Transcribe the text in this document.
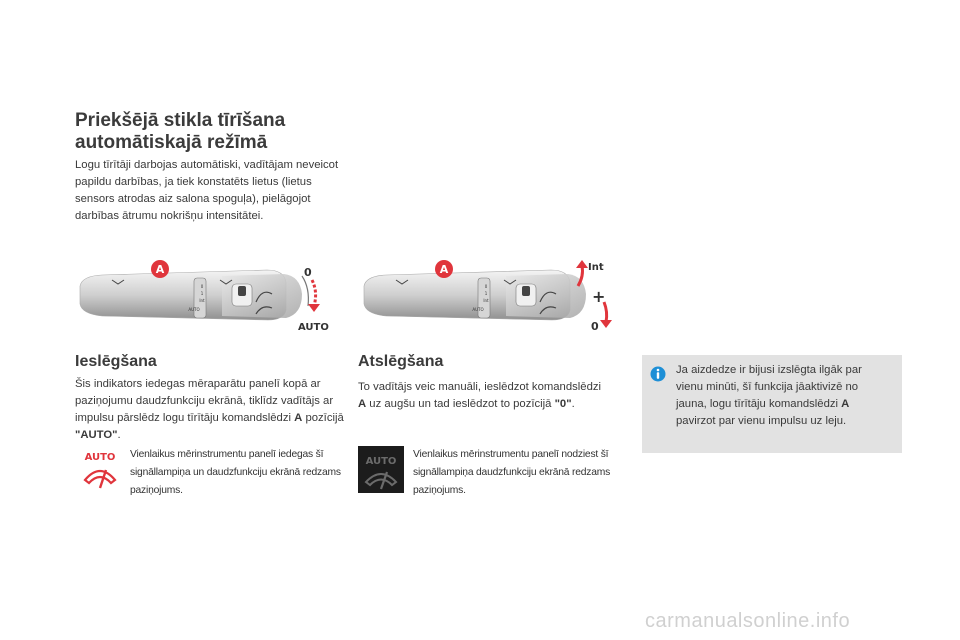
Priekšējā stikla tīrīšana
automātiskajā režīmā
Logu tīrītāji darbojas automātiski, vadītājam neveicot papildu darbības, ja tiek konstatēts lietus (lietus sensors atrodas aiz salona spoguļa), pielāgojot darbības ātrumu nokrišņu intensitātei.
0
1
Int
AUTO
A	0
AUTO
0
1
Int
AUTO
A	Int
+
0
Ieslēgšana
Šis indikators iedegas mēraparātu panelī kopā ar paziņojumu daudzfunkciju ekrānā, tiklīdz vadītājs ar impulsu pārslēdz logu tīrītāju komandslēdzi A pozīcijā "AUTO".
AUTO Vienlaikus mērinstrumentu panelī iedegas šī signāllampiņa un daudzfunkciju ekrānā redzams paziņojums.
Atslēgšana
To vadītājs veic manuāli, ieslēdzot komandslēdzi A uz augšu un tad ieslēdzot to pozīcijā "0".
AUTO
Vienlaikus mērinstrumentu panelī nodziest šī signāllampiņa daudzfunkciju ekrānā redzams paziņojums.
Ja aizdedze ir bijusi izslēgta ilgāk par vienu minūti, šī funkcija jāaktivizē no jauna, logu tīrītāju komandslēdzi A pavirzot par vienu impulsu uz leju.
carmanualsonline.info
